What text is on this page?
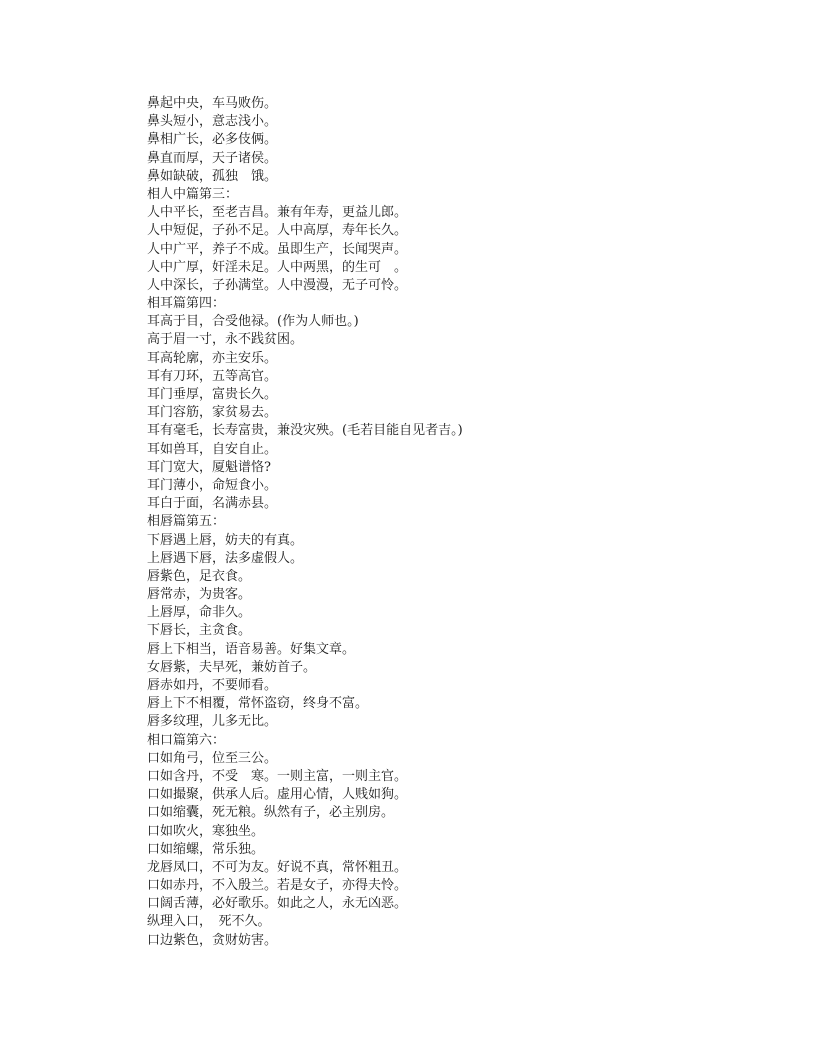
鼻起中央，车马败伤。
鼻头短小，意志浅小。
鼻相广长，必多伎俩。
鼻直而厚，天子诸侯。
鼻如缺破，孤独　饿。
相人中篇第三：
人中平长，至老吉昌。兼有年寿，更益儿郎。
人中短促，子孙不足。人中高厚，寿年长久。
人中广平，养子不成。虽即生产，长闻哭声。
人中广厚，奸淫未足。人中两黑，的生可　。
人中深长，子孙满堂。人中漫漫，无子可怜。
相耳篇第四：
耳高于目，合受他禄。(作为人师也。)
高于眉一寸，永不践贫困。
耳高轮廓，亦主安乐。
耳有刀环，五等高官。
耳门垂厚，富贵长久。
耳门容筋，家贫易去。
耳有毫毛，长寿富贵，兼没灾殃。(毛若目能自见者吉。)
耳如兽耳，自安自止。
耳门宽大，厦魁谱恪?
耳门薄小，命短食小。
耳白于面，名满赤县。
相唇篇第五：
下唇遇上唇，妨夫的有真。
上唇遇下唇，法多虚假人。
唇紫色，足衣食。
唇常赤，为贵客。
上唇厚，命非久。
下唇长，主贪食。
唇上下相当，语音易善。好集文章。
女唇紫，夫早死，兼妨首子。
唇赤如丹，不要师看。
唇上下不相覆，常怀盗窃，终身不富。
唇多纹理，儿多无比。
相口篇第六：
口如角弓，位至三公。
口如含丹，不受　寒。一则主富，一则主官。
口如撮聚，供承人后。虚用心情，人贱如狗。
口如缩囊，死无粮。纵然有子，必主别房。
口如吹火，寒独坐。
口如缩螺，常乐独。
龙唇凤口，不可为友。好说不真，常怀粗丑。
口如赤丹，不入殷兰。若是女子，亦得夫怜。
口阔舌薄，必好歌乐。如此之人，永无凶恶。
纵理入口，　死不久。
口边紫色，贪财妨害。
